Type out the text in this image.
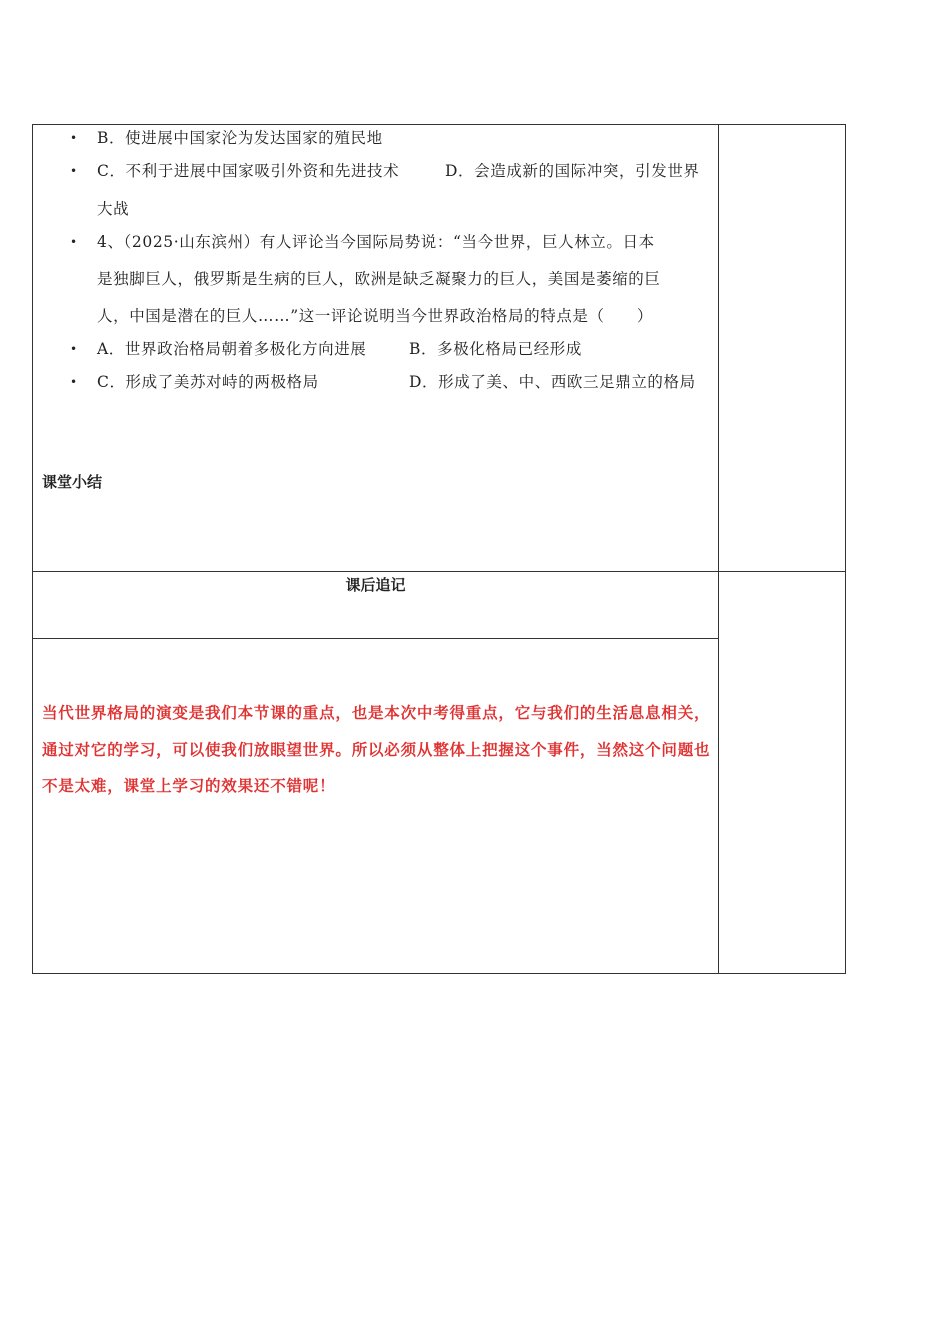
• B．使进展中国家沦为发达国家的殖民地
• C．不利于进展中国家吸引外资和先进技术	D．会造成新的国际冲突，引发世界
大战
• 4、（2025·山东滨州）有人评论当今国际局势说：“当今世界，巨人林立。日本
是独脚巨人，俄罗斯是生病的巨人，欧洲是缺乏凝聚力的巨人，美国是萎缩的巨
人，中国是潜在的巨人……”这一评论说明当今世界政治格局的特点是（　　）
• A．世界政治格局朝着多极化方向进展	B．多极化格局已经形成
• C．形成了美苏对峙的两极格局	D．形成了美、中、西欧三足鼎立的格局
课堂小结
课后追记
当代世界格局的演变是我们本节课的重点，也是本次中考得重点，它与我们的生活息息相关，通过对它的学习，可以使我们放眼望世界。所以必须从整体上把握这个事件，当然这个问题也不是太难，课堂上学习的效果还不错呢！
